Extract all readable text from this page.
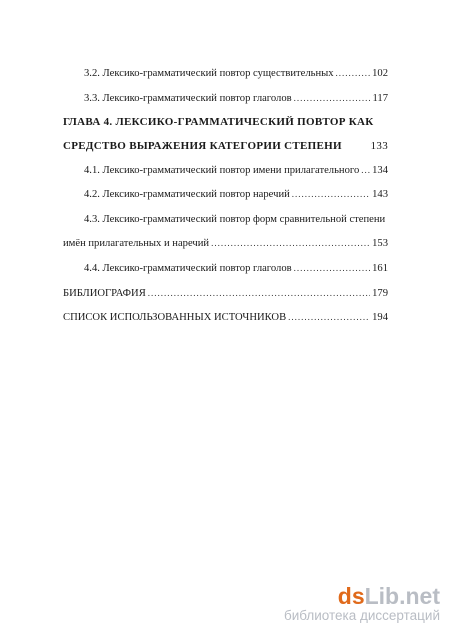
3.2. Лексико-грамматический повтор существительных .....	102
3.3. Лексико-грамматический повтор глаголов .....	117
ГЛАВА 4. ЛЕКСИКО-ГРАММАТИЧЕСКИЙ ПОВТОР КАК
СРЕДСТВО ВЫРАЖЕНИЯ КАТЕГОРИИ СТЕПЕНИ	133
4.1. Лексико-грамматический повтор имени прилагательного ..... 134
4.2. Лексико-грамматический повтор наречий .....	143
4.3. Лексико-грамматический повтор форм сравнительной степени
имён прилагательных и наречий .....	153
4.4. Лексико-грамматический повтор глаголов .....	161
БИБЛИОГРАФИЯ .....	179
СПИСОК ИСПОЛЬЗОВАННЫХ ИСТОЧНИКОВ .....	194
dsLib.net
библиотека диссертаций
